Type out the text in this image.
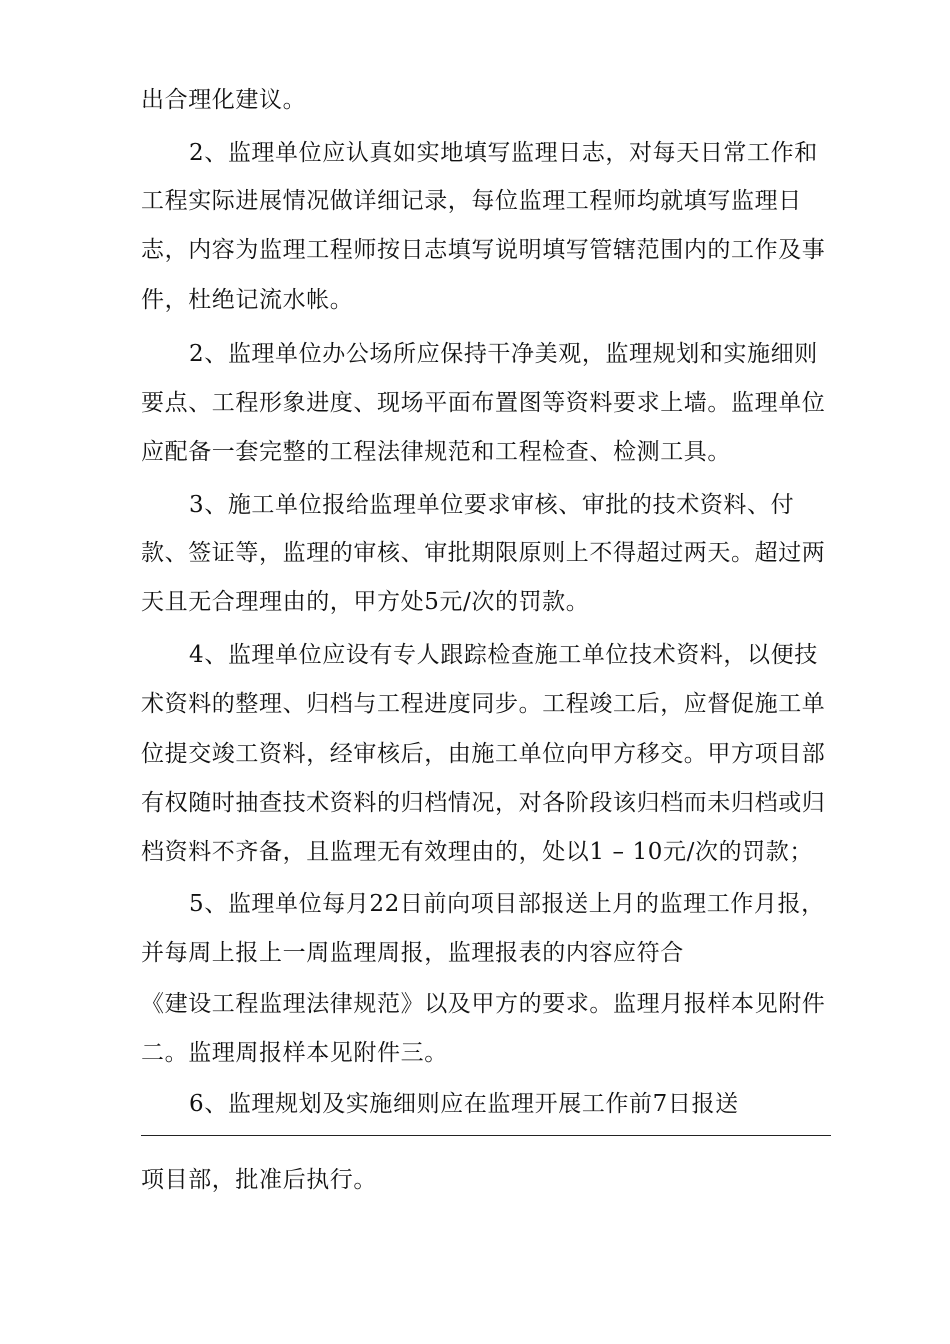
出合理化建议。
2、监理单位应认真如实地填写监理日志，对每天日常工作和
工程实际进展情况做详细记录，每位监理工程师均就填写监理日
志，内容为监理工程师按日志填写说明填写管辖范围内的工作及事
件，杜绝记流水帐。
2、监理单位办公场所应保持干净美观，监理规划和实施细则
要点、工程形象进度、现场平面布置图等资料要求上墙。监理单位
应配备一套完整的工程法律规范和工程检查、检测工具。
3、施工单位报给监理单位要求审核、审批的技术资料、付
款、签证等，监理的审核、审批期限原则上不得超过两天。超过两
天且无合理理由的，甲方处5元/次的罚款。
4、监理单位应设有专人跟踪检查施工单位技术资料，以便技
术资料的整理、归档与工程进度同步。工程竣工后，应督促施工单
位提交竣工资料，经审核后，由施工单位向甲方移交。甲方项目部
有权随时抽查技术资料的归档情况，对各阶段该归档而未归档或归
档资料不齐备，且监理无有效理由的，处以1 – 10元/次的罚款；
5、监理单位每月22日前向项目部报送上月的监理工作月报，
并每周上报上一周监理周报，监理报表的内容应符合
《建设工程监理法律规范》以及甲方的要求。监理月报样本见附件
二。监理周报样本见附件三。
6、监理规划及实施细则应在监理开展工作前7日报送
项目部，批准后执行。
